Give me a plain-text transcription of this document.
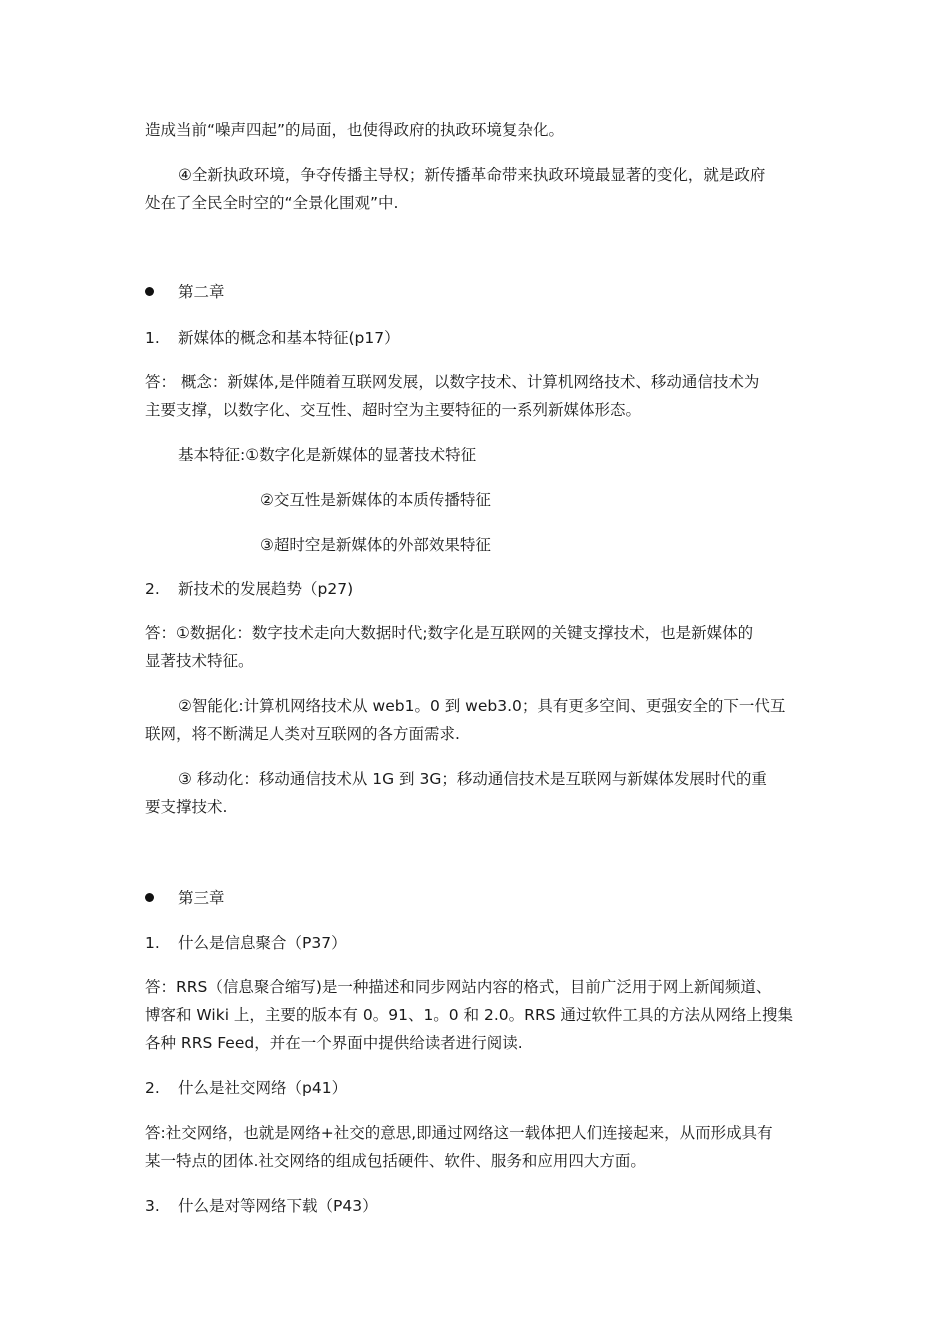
造成当前“噪声四起”的局面，也使得政府的执政环境复杂化。
④全新执政环境，争夺传播主导权；新传播革命带来执政环境最显著的变化，就是政府
处在了全民全时空的“全景化围观”中.
第二章
1. 新媒体的概念和基本特征(p17）
答： 概念：新媒体,是伴随着互联网发展，以数字技术、计算机网络技术、移动通信技术为
主要支撑，以数字化、交互性、超时空为主要特征的一系列新媒体形态。
基本特征:①数字化是新媒体的显著技术特征
②交互性是新媒体的本质传播特征
③超时空是新媒体的外部效果特征
2. 新技术的发展趋势（p27)
答：①数据化：数字技术走向大数据时代;数字化是互联网的关键支撑技术，也是新媒体的
显著技术特征。
②智能化:计算机网络技术从 web1。0 到 web3.0；具有更多空间、更强安全的下一代互
联网，将不断满足人类对互联网的各方面需求.
③ 移动化：移动通信技术从 1G 到 3G；移动通信技术是互联网与新媒体发展时代的重
要支撑技术.
第三章
1. 什么是信息聚合（P37）
答：RRS（信息聚合缩写)是一种描述和同步网站内容的格式，目前广泛用于网上新闻频道、
博客和 Wiki 上，主要的版本有 0。91、1。0 和 2.0。RRS 通过软件工具的方法从网络上搜集
各种 RRS Feed，并在一个界面中提供给读者进行阅读.
2. 什么是社交网络（p41）
答:社交网络，也就是网络+社交的意思,即通过网络这一载体把人们连接起来，从而形成具有
某一特点的团体.社交网络的组成包括硬件、软件、服务和应用四大方面。
3. 什么是对等网络下载（P43）
